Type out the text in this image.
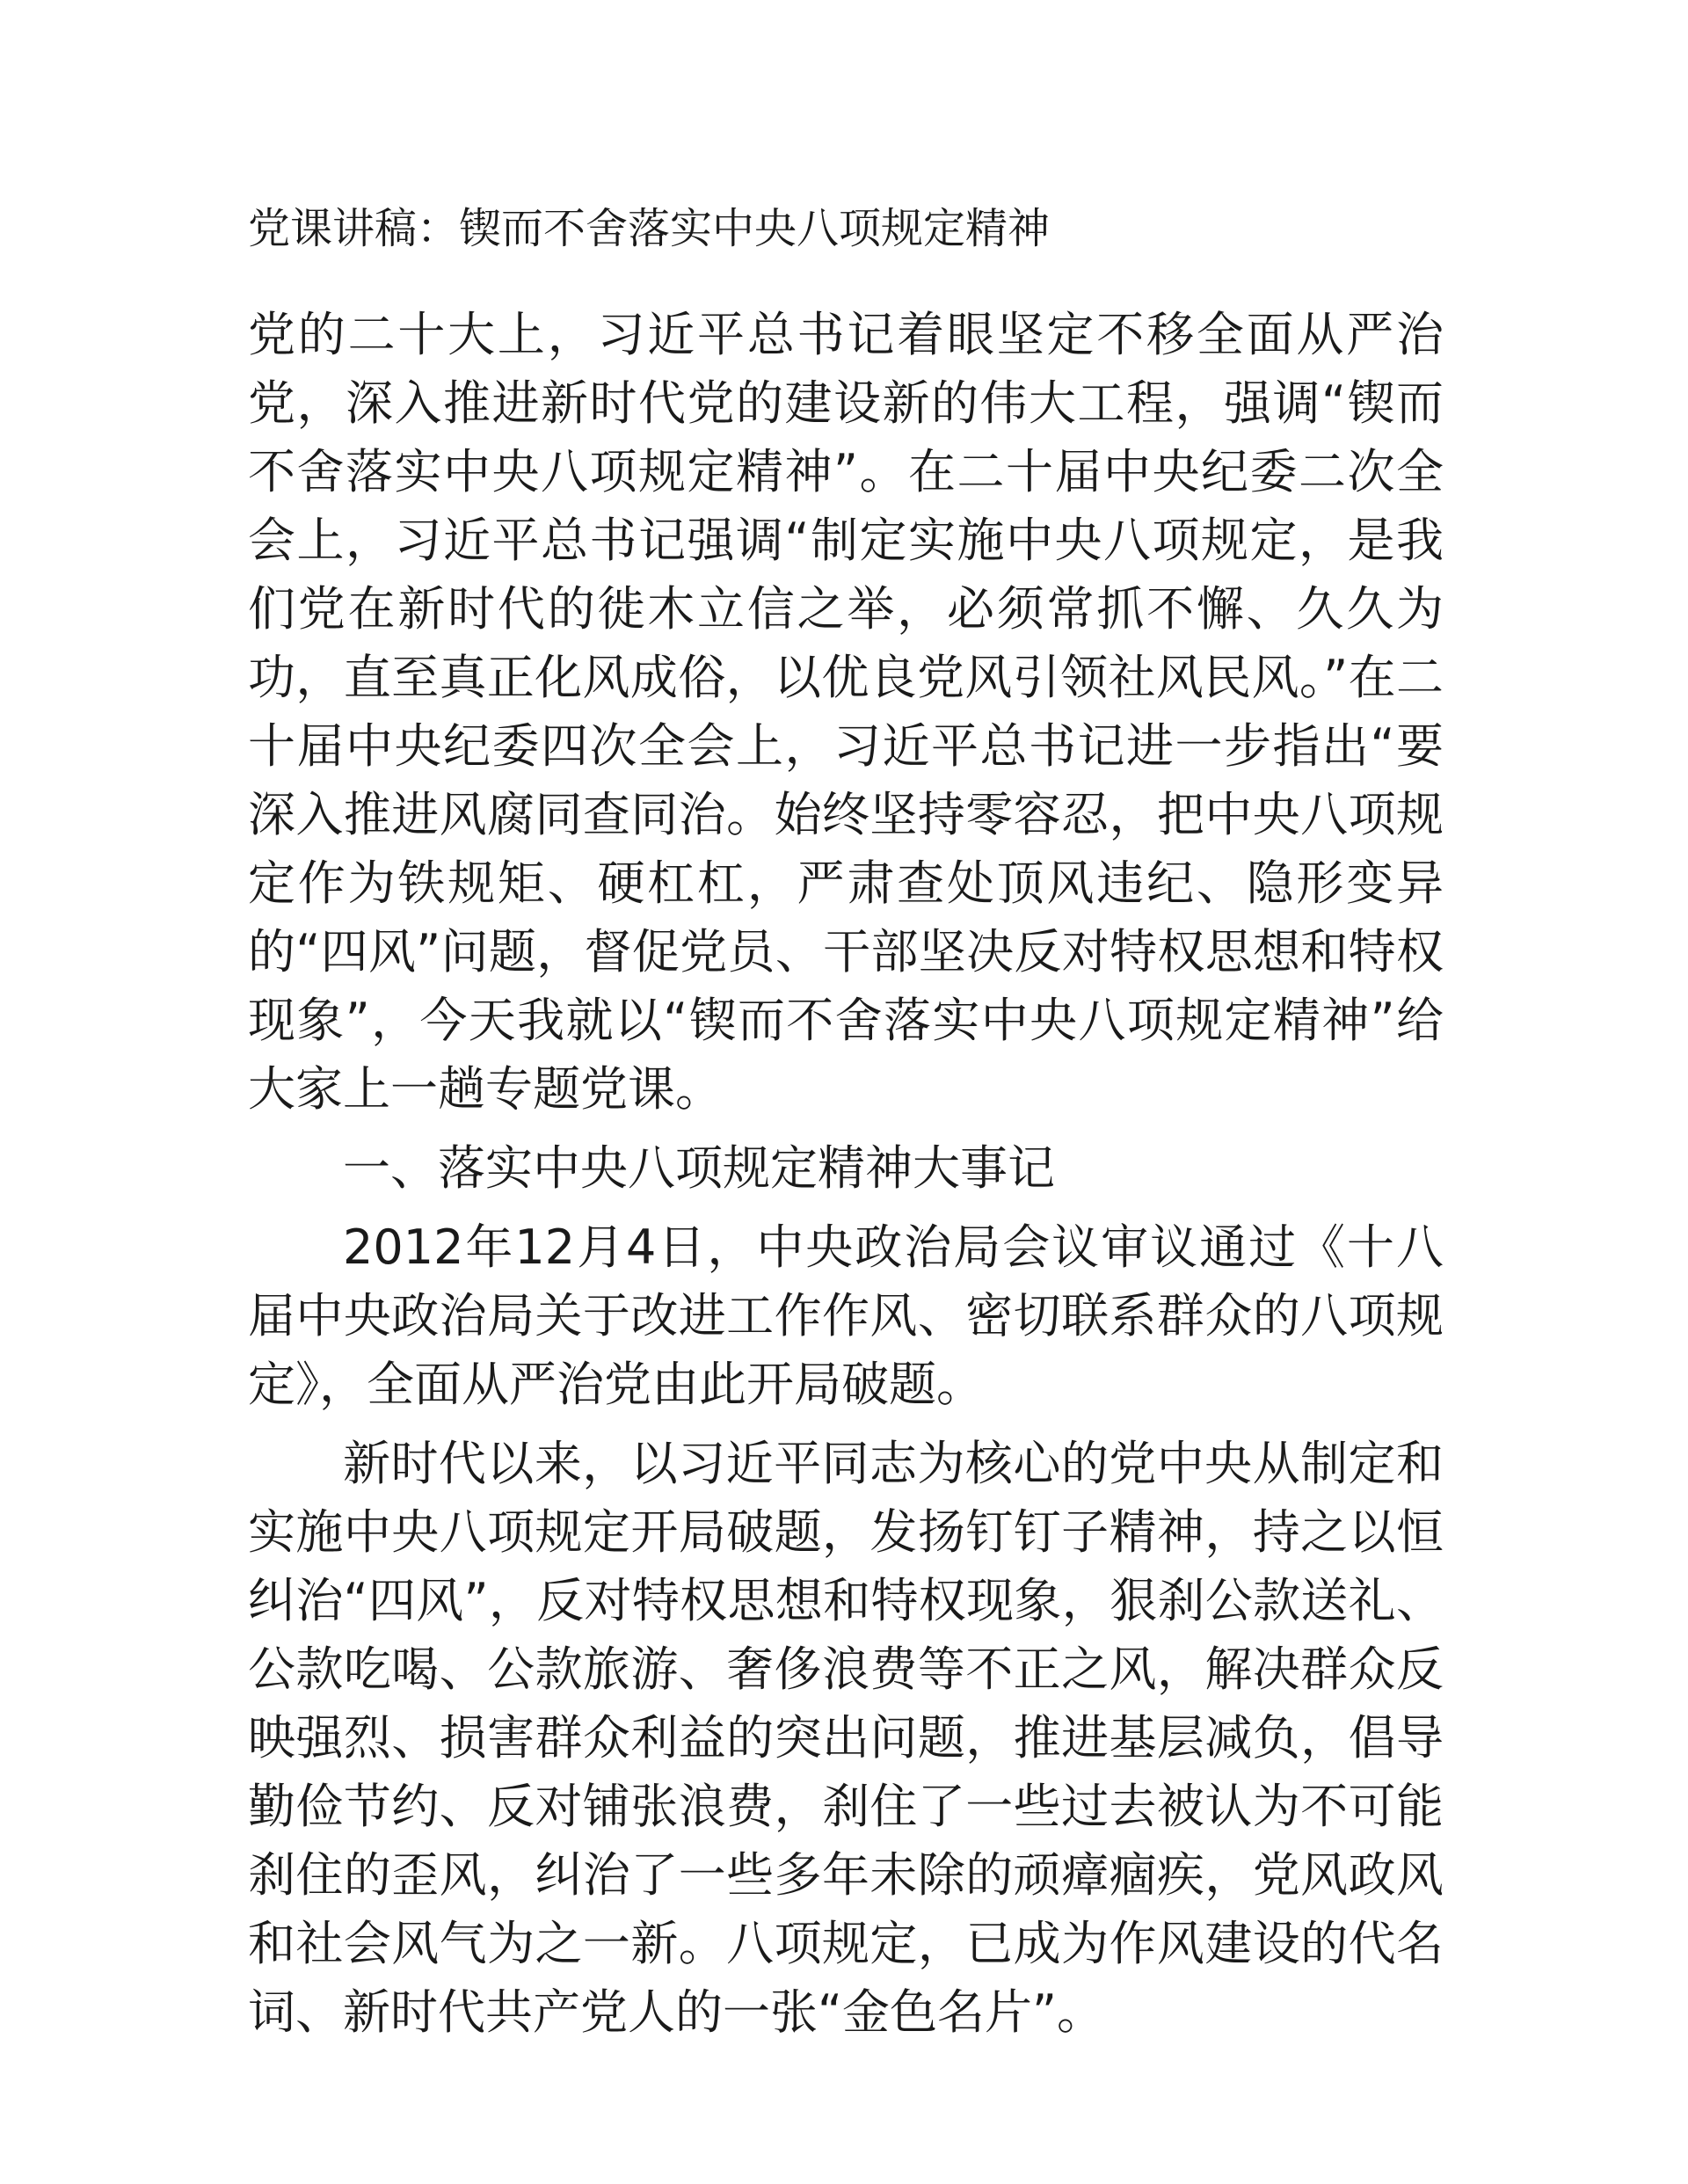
党课讲稿：锲而不舍落实中央八项规定精神

党的二十大上，习近平总书记着眼坚定不移全面从严治党，深入推进新时代党的建设新的伟大工程，强调“锲而不舍落实中央八项规定精神”。在二十届中央纪委二次全会上，习近平总书记强调“制定实施中央八项规定，是我们党在新时代的徙木立信之举，必须常抓不懈、久久为功，直至真正化风成俗，以优良党风引领社风民风。”在二十届中央纪委四次全会上，习近平总书记进一步指出“要深入推进风腐同查同治。始终坚持零容忍，把中央八项规定作为铁规矩、硬杠杠，严肃查处顶风违纪、隐形变异的“四风”问题，督促党员、干部坚决反对特权思想和特权现象”，今天我就以“锲而不舍落实中央八项规定精神”给大家上一趟专题党课。

一、落实中央八项规定精神大事记

2012年12月4日，中央政治局会议审议通过《十八届中央政治局关于改进工作作风、密切联系群众的八项规定》，全面从严治党由此开局破题。

新时代以来，以习近平同志为核心的党中央从制定和实施中央八项规定开局破题，发扬钉钉子精神，持之以恒纠治“四风”，反对特权思想和特权现象，狠刹公款送礼、公款吃喝、公款旅游、奢侈浪费等不正之风，解决群众反映强烈、损害群众利益的突出问题，推进基层减负，倡导勤俭节约、反对铺张浪费，刹住了一些过去被认为不可能刹住的歪风，纠治了一些多年未除的顽瘴痼疾，党风政风和社会风气为之一新。八项规定，已成为作风建设的代名词、新时代共产党人的一张“金色名片”。
